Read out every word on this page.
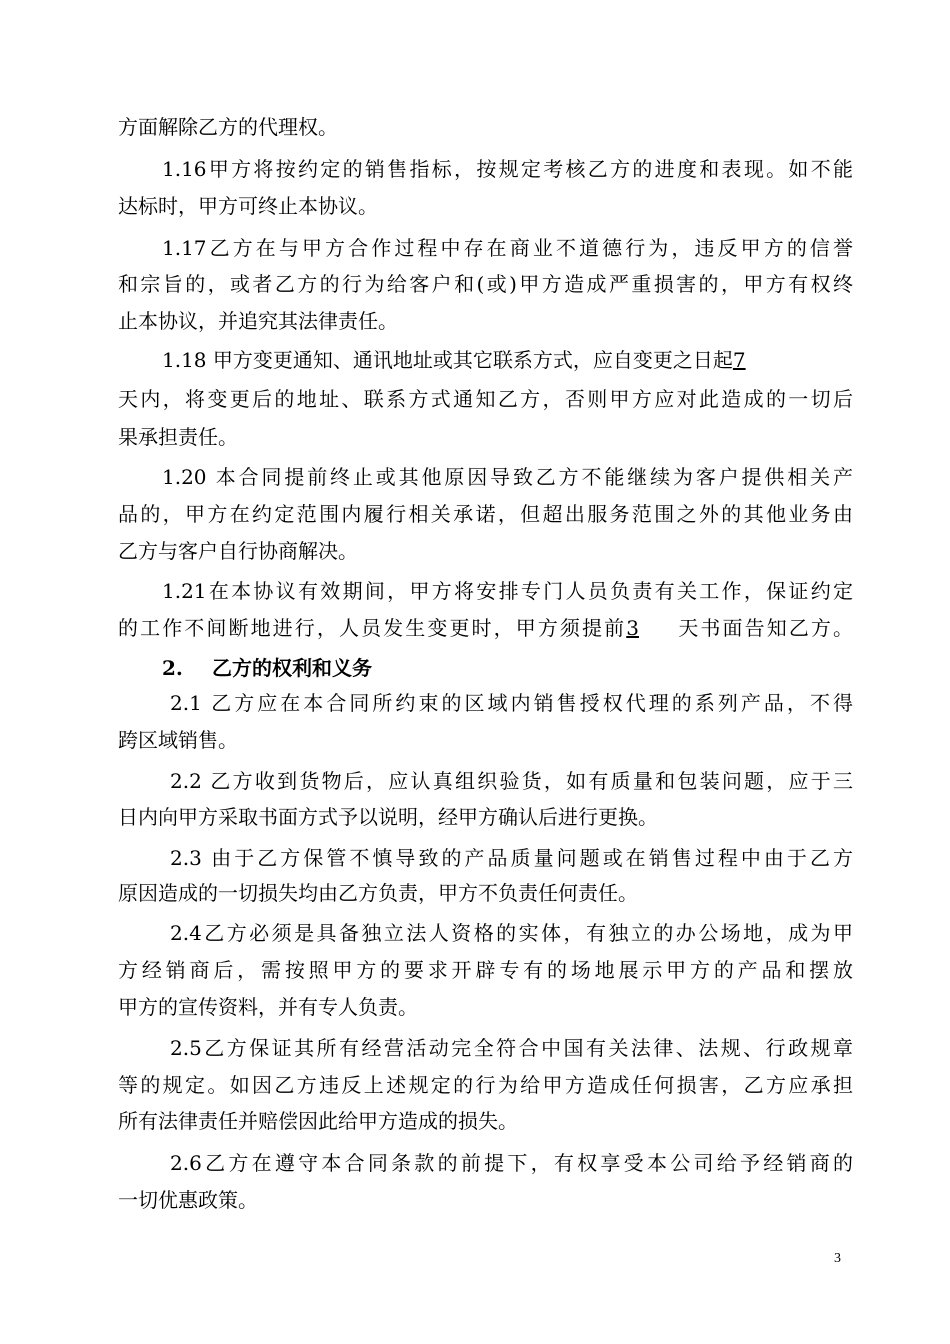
方面解除乙方的代理权。
1.16甲方将按约定的销售指标，按规定考核乙方的进度和表现。如不能
达标时，甲方可终止本协议。
1.17乙方在与甲方合作过程中存在商业不道德行为，违反甲方的信誉
和宗旨的，或者乙方的行为给客户和(或)甲方造成严重损害的，甲方有权终
止本协议，并追究其法律责任。
1.18 甲方变更通知、通讯地址或其它联系方式，应自变更之日起7
天内，将变更后的地址、联系方式通知乙方，否则甲方应对此造成的一切后
果承担责任。
1.20 本合同提前终止或其他原因导致乙方不能继续为客户提供相关产
品的，甲方在约定范围内履行相关承诺，但超出服务范围之外的其他业务由
乙方与客户自行协商解决。
1.21在本协议有效期间，甲方将安排专门人员负责有关工作，保证约定
的工作不间断地进行，人员发生变更时，甲方须提前3 天书面告知乙方。
2. 乙方的权利和义务
2.1 乙方应在本合同所约束的区域内销售授权代理的系列产品，不得
跨区域销售。
2.2 乙方收到货物后，应认真组织验货，如有质量和包装问题，应于三
日内向甲方采取书面方式予以说明，经甲方确认后进行更换。
2.3 由于乙方保管不慎导致的产品质量问题或在销售过程中由于乙方
原因造成的一切损失均由乙方负责，甲方不负责任何责任。
2.4乙方必须是具备独立法人资格的实体，有独立的办公场地，成为甲
方经销商后，需按照甲方的要求开辟专有的场地展示甲方的产品和摆放
甲方的宣传资料，并有专人负责。
2.5乙方保证其所有经营活动完全符合中国有关法律、法规、行政规章
等的规定。如因乙方违反上述规定的行为给甲方造成任何损害，乙方应承担
所有法律责任并赔偿因此给甲方造成的损失。
2.6乙方在遵守本合同条款的前提下，有权享受本公司给予经销商的
一切优惠政策。
3
